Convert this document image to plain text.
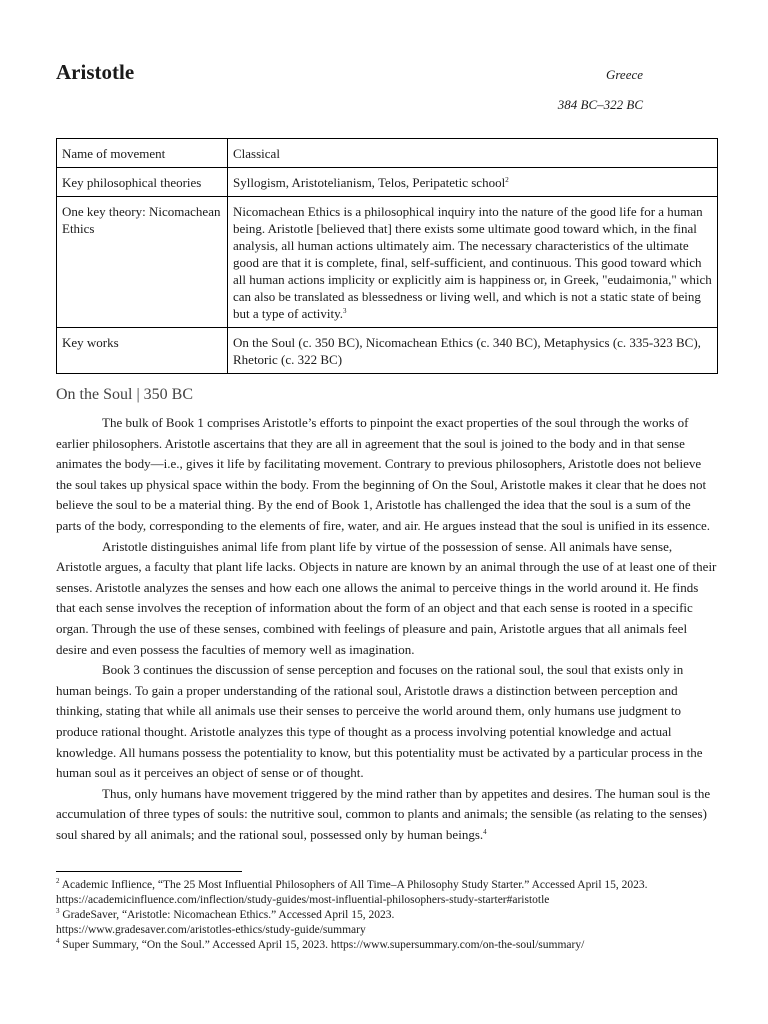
Aristotle	Greece
384 BC–322 BC
Name of movement	Classical
Key philosophical theories	Syllogism, Aristotelianism, Telos, Peripatetic school$^2$
One key theory: Nicomachean Ethics	Nicomachean Ethics is a philosophical inquiry into the nature of the good life for a human being. Aristotle [believed that] there exists some ultimate good toward which, in the final analysis, all human actions ultimately aim. The necessary characteristics of the ultimate good are that it is complete, final, self-sufficient, and continuous. This good toward which all human actions implicity or explicitly aim is happiness or, in Greek, "eudaimonia," which can also be translated as blessedness or living well, and which is not a static state of being but a type of activity.$^3$
Key works	On the Soul (c. 350 BC), Nicomachean Ethics (c. 340 BC), Metaphysics (c. 335-323 BC), Rhetoric (c. 322 BC)
On the Soul | 350 BC

The bulk of Book 1 comprises Aristotle’s efforts to pinpoint the exact properties of the soul through the works of earlier philosophers. Aristotle ascertains that they are all in agreement that the soul is joined to the body and in that sense animates the body—i.e., gives it life by facilitating movement. Contrary to previous philosophers, Aristotle does not believe the soul takes up physical space within the body. From the beginning of On the Soul, Aristotle makes it clear that he does not believe the soul to be a material thing. By the end of Book 1, Aristotle has challenged the idea that the soul is a sum of the parts of the body, corresponding to the elements of fire, water, and air. He argues instead that the soul is unified in its essence.

Aristotle distinguishes animal life from plant life by virtue of the possession of sense. All animals have sense, Aristotle argues, a faculty that plant life lacks. Objects in nature are known by an animal through the use of at least one of their senses. Aristotle analyzes the senses and how each one allows the animal to perceive things in the world around it. He finds that each sense involves the reception of information about the form of an object and that each sense is rooted in a specific organ. Through the use of these senses, combined with feelings of pleasure and pain, Aristotle argues that all animals feel desire and even possess the faculties of memory well as imagination.

Book 3 continues the discussion of sense perception and focuses on the rational soul, the soul that exists only in human beings. To gain a proper understanding of the rational soul, Aristotle draws a distinction between perception and thinking, stating that while all animals use their senses to perceive the world around them, only humans use judgment to produce rational thought. Aristotle analyzes this type of thought as a process involving potential knowledge and actual knowledge. All humans possess the potentiality to know, but this potentiality must be activated by a particular process in the human soul as it perceives an object of sense or of thought.

Thus, only humans have movement triggered by the mind rather than by appetites and desires. The human soul is the accumulation of three types of souls: the nutritive soul, common to plants and animals; the sensible (as relating to the senses) soul shared by all animals; and the rational soul, possessed only by human beings.$^4$

$^2$ Academic Inflience, “The 25 Most Influential Philosophers of All Time–A Philosophy Study Starter.” Accessed April 15, 2023.
https://academicinfluence.com/inflection/study-guides/most-influential-philosophers-study-starter#aristotle
$^3$ GradeSaver, “Aristotle: Nicomachean Ethics.” Accessed April 15, 2023.
https://www.gradesaver.com/aristotles-ethics/study-guide/summary
$^4$ Super Summary, “On the Soul.” Accessed April 15, 2023. https://www.supersummary.com/on-the-soul/summary/
